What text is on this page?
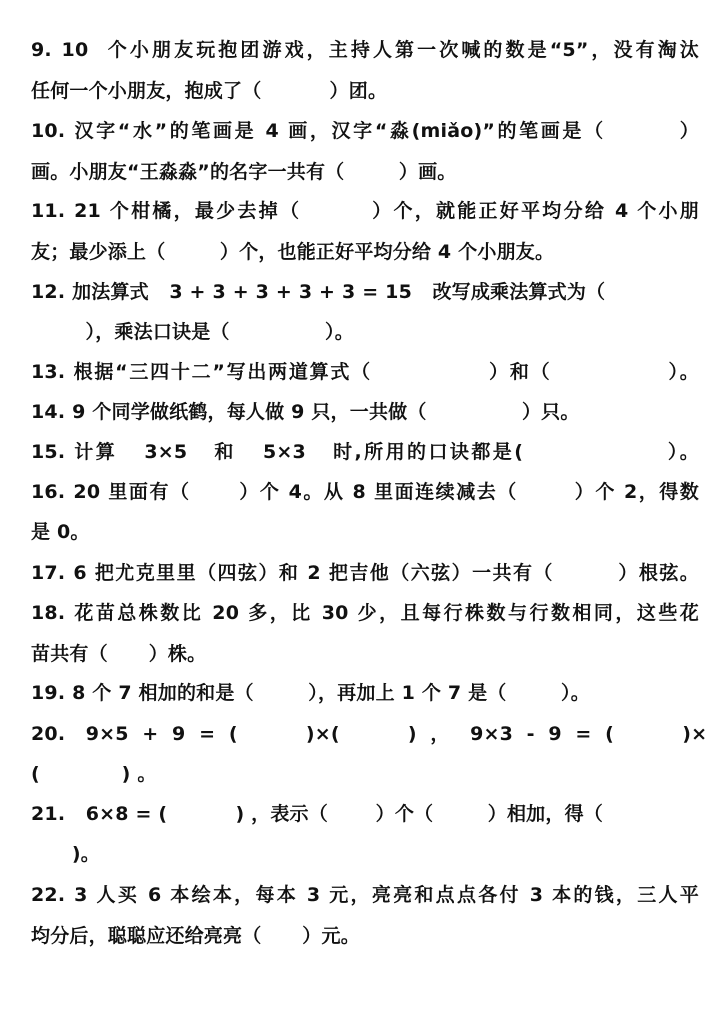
9. 10  个小朋友玩抱团游戏，主持人第一次喊的数是“5”，没有淘汰
任何一个小朋友，抱成了（          ）团。
10. 汉字“水”的笔画是 4 画，汉字“淼(miǎo)”的笔画是（        ）
画。小朋友“王淼淼”的名字一共有（        ）画。
11. 21 个柑橘，最少去掉（        ）个，就能正好平均分给 4 个小朋
友；最少添上（        ）个，也能正好平均分给 4 个小朋友。
12. 加法算式   3 + 3 + 3 + 3 + 3 = 15   改写成乘法算式为（
），乘法口诀是（              ）。
13. 根据“三四十二”写出两道算式（              ）和（              ）。
14. 9 个同学做纸鹤，每人做 9 只，一共做（              ）只。
15. 计算   3×5   和   5×3   时,所用的口诀都是(                ）。
16. 20 里面有（      ）个 4。从 8 里面连续减去（       ）个 2，得数
是 0。
17. 6 把尤克里里（四弦）和 2 把吉他（六弦）一共有（        ）根弦。
18. 花苗总株数比 20 多，比 30 少，且每行株数与行数相同，这些花
苗共有（      ）株。
19. 8 个 7 相加的和是（        ），再加上 1 个 7 是（        ）。
20.   9×5  +  9  =  (          )×(          )  ，   9×3  -  9  =  (          )×
(            ) 。
21.   6×8 = (          ) ，表示（       ）个（        ）相加，得（
)。
22. 3 人买 6 本绘本，每本 3 元，亮亮和点点各付 3 本的钱，三人平
均分后，聪聪应还给亮亮（      ）元。
